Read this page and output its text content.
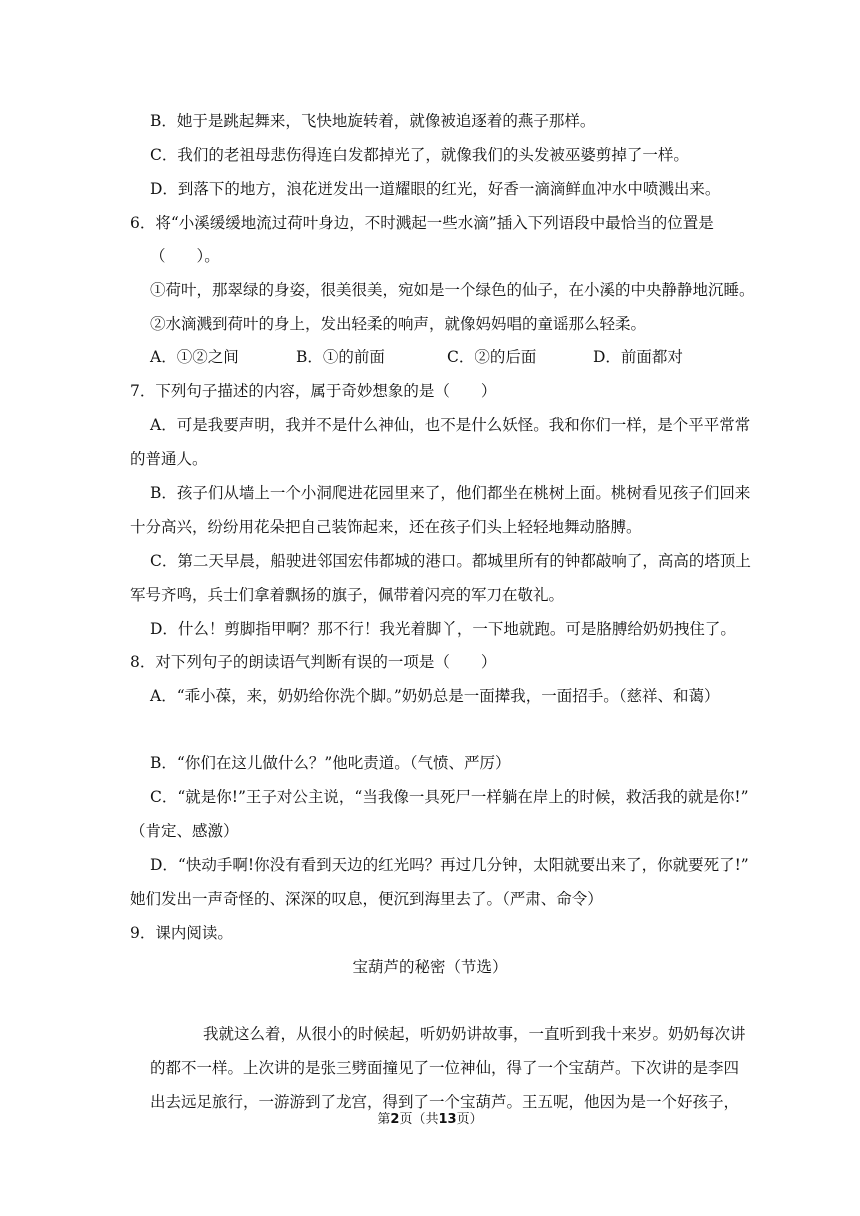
B．她于是跳起舞来，飞快地旋转着，就像被追逐着的燕子那样。
C．我们的老祖母悲伤得连白发都掉光了，就像我们的头发被巫婆剪掉了一样。
D．到落下的地方，浪花迸发出一道耀眼的红光，好香一滴滴鲜血冲水中喷溅出来。
6．将“小溪缓缓地流过荷叶身边，不时溅起一些水滴”插入下列语段中最恰当的位置是
（　　）。
①荷叶，那翠绿的身姿，很美很美，宛如是一个绿色的仙子，在小溪的中央静静地沉睡。
②水滴溅到荷叶的身上，发出轻柔的响声，就像妈妈唱的童谣那么轻柔。
A．①②之间	B．①的前面	C．②的后面	D．前面都对
7．下列句子描述的内容，属于奇妙想象的是（　　）
A．可是我要声明，我并不是什么神仙，也不是什么妖怪。我和你们一样，是个平平常常
的普通人。
B．孩子们从墙上一个小洞爬进花园里来了，他们都坐在桃树上面。桃树看见孩子们回来
十分高兴，纷纷用花朵把自己装饰起来，还在孩子们头上轻轻地舞动胳膊。
C．第二天早晨，船驶进邻国宏伟都城的港口。都城里所有的钟都敲响了，高高的塔顶上
军号齐鸣，兵士们拿着飘扬的旗子，佩带着闪亮的军刀在敬礼。
D．什么！剪脚指甲啊？那不行！我光着脚丫，一下地就跑。可是胳膊给奶奶拽住了。
8．对下列句子的朗读语气判断有误的一项是（　　）
A．“乖小葆，来，奶奶给你洗个脚。”奶奶总是一面撵我，一面招手。（慈祥、和蔼）
B．“你们在这儿做什么？”他叱责道。（气愤、严厉）
C．“就是你!”王子对公主说，“当我像一具死尸一样躺在岸上的时候，救活我的就是你!”
（肯定、感激）
D．“快动手啊!你没有看到天边的红光吗？再过几分钟，太阳就要出来了，你就要死了!”
她们发出一声奇怪的、深深的叹息，便沉到海里去了。（严肃、命令）
9．课内阅读。
宝葫芦的秘密（节选）
我就这么着，从很小的时候起，听奶奶讲故事，一直听到我十来岁。奶奶每次讲
的都不一样。上次讲的是张三劈面撞见了一位神仙，得了一个宝葫芦。下次讲的是李四
出去远足旅行，一游游到了龙宫，得到了一个宝葫芦。王五呢，他因为是一个好孩子，
第2页（共13页）
